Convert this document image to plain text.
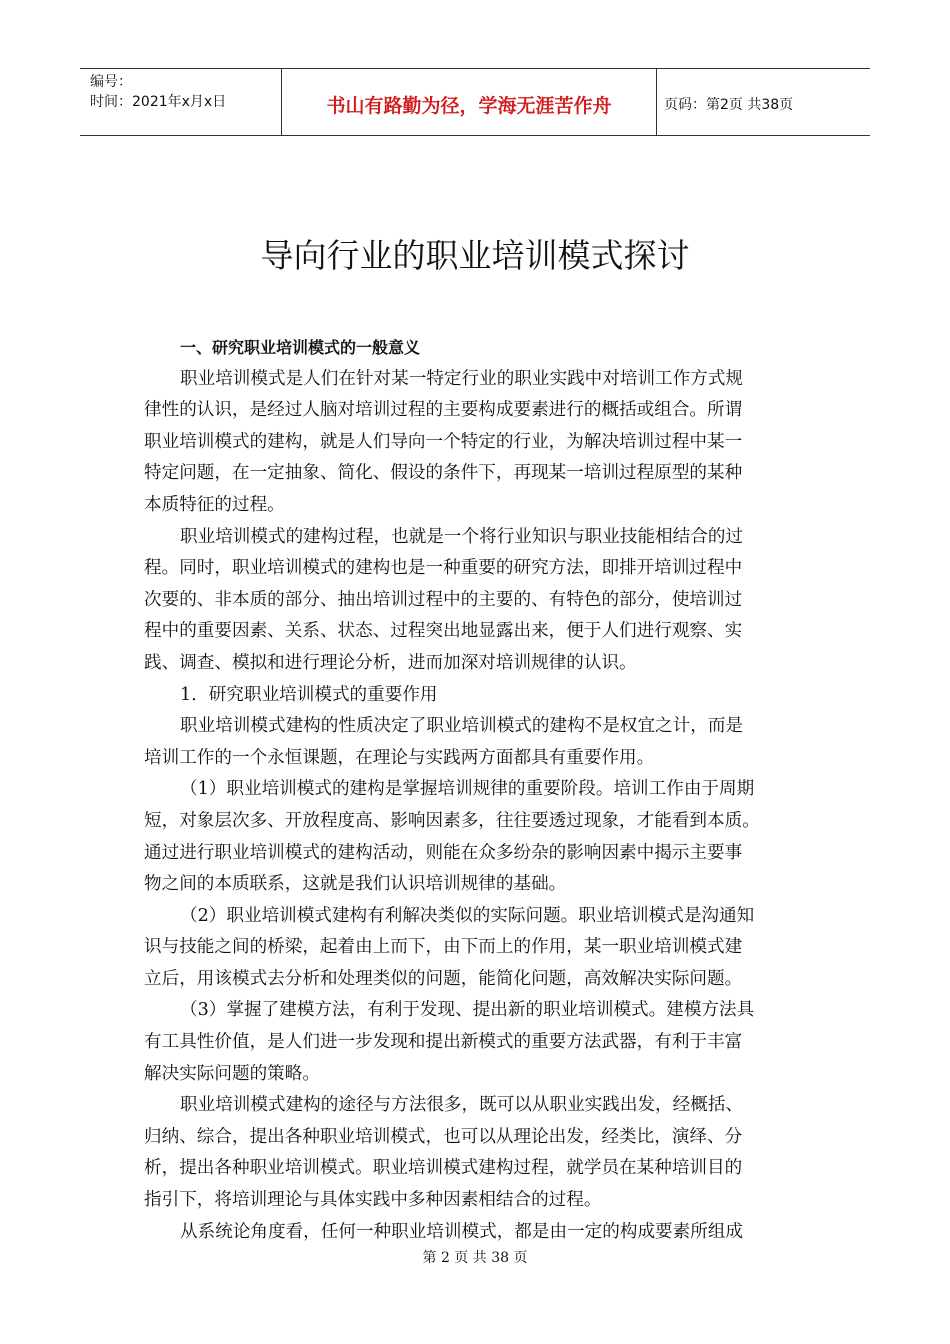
编号：
时间：2021年x月x日	书山有路勤为径，学海无涯苦作舟	页码：第2页 共38页
导向行业的职业培训模式探讨
一、研究职业培训模式的一般意义
职业培训模式是人们在针对某一特定行业的职业实践中对培训工作方式规
律性的认识，是经过人脑对培训过程的主要构成要素进行的概括或组合。所谓
职业培训模式的建构，就是人们导向一个特定的行业，为解决培训过程中某一
特定问题，在一定抽象、简化、假设的条件下，再现某一培训过程原型的某种
本质特征的过程。
职业培训模式的建构过程，也就是一个将行业知识与职业技能相结合的过
程。同时，职业培训模式的建构也是一种重要的研究方法，即排开培训过程中
次要的、非本质的部分、抽出培训过程中的主要的、有特色的部分，使培训过
程中的重要因素、关系、状态、过程突出地显露出来，便于人们进行观察、实
践、调查、模拟和进行理论分析，进而加深对培训规律的认识。
1．研究职业培训模式的重要作用
职业培训模式建构的性质决定了职业培训模式的建构不是权宜之计，而是
培训工作的一个永恒课题，在理论与实践两方面都具有重要作用。
（1）职业培训模式的建构是掌握培训规律的重要阶段。培训工作由于周期
短，对象层次多、开放程度高、影响因素多，往往要透过现象，才能看到本质。
通过进行职业培训模式的建构活动，则能在众多纷杂的影响因素中揭示主要事
物之间的本质联系，这就是我们认识培训规律的基础。
（2）职业培训模式建构有利解决类似的实际问题。职业培训模式是沟通知
识与技能之间的桥梁，起着由上而下，由下而上的作用，某一职业培训模式建
立后，用该模式去分析和处理类似的问题，能简化问题，高效解决实际问题。
（3）掌握了建模方法，有利于发现、提出新的职业培训模式。建模方法具
有工具性价值，是人们进一步发现和提出新模式的重要方法武器，有利于丰富
解决实际问题的策略。
职业培训模式建构的途径与方法很多，既可以从职业实践出发，经概括、
归纳、综合，提出各种职业培训模式，也可以从理论出发，经类比，演绎、分
析，提出各种职业培训模式。职业培训模式建构过程，就学员在某种培训目的
指引下，将培训理论与具体实践中多种因素相结合的过程。
从系统论角度看，任何一种职业培训模式，都是由一定的构成要素所组成
第 2 页 共 38 页
